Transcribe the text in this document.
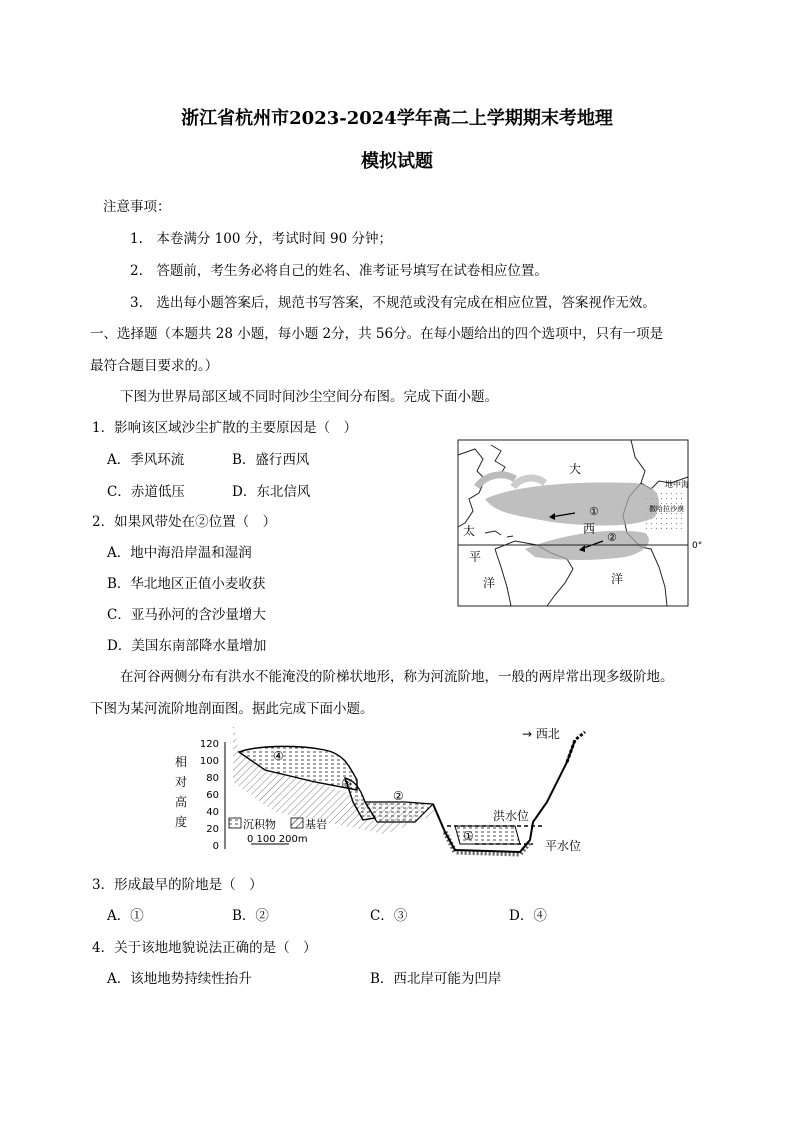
浙江省杭州市2023-2024学年高二上学期期末考地理
模拟试题
注意事项：
1.　本卷满分 100 分，考试时间 90 分钟；
2.　答题前，考生务必将自己的姓名、准考证号填写在试卷相应位置。
3.　选出每小题答案后，规范书写答案，不规范或没有完成在相应位置，答案视作无效。
一、选择题（本题共 28 小题，每小题 2分，共 56分。在每小题给出的四个选项中，只有一项是
最符合题目要求的。）
下图为世界局部区域不同时间沙尘空间分布图。完成下面小题。
1．影响该区域沙尘扩散的主要原因是（　）
A．季风环流	B．盛行西风
C．赤道低压	D．东北信风
2．如果风带处在②位置（　）
A．地中海沿岸温和湿润
B．华北地区正值小麦收获
C．亚马孙河的含沙量增大
D．美国东南部降水量增加
大
①
西
太
平
洋
②
洋
地中海
撒哈拉沙漠
0°
在河谷两侧分布有洪水不能淹没的阶梯状地形，称为河流阶地，一般的两岸常出现多级阶地。
下图为某河流阶地剖面图。据此完成下面小题。
120
100
80
60
40
20
0
相
对
高
度
④
③
②
①
洪水位
平水位
→ 西北
沉积物	基岩
0 100 200m
3．形成最早的阶地是（　）
A．①	B．②	C．③	D．④
4．关于该地地貌说法正确的是（　）
A．该地地势持续性抬升	B．西北岸可能为凹岸
